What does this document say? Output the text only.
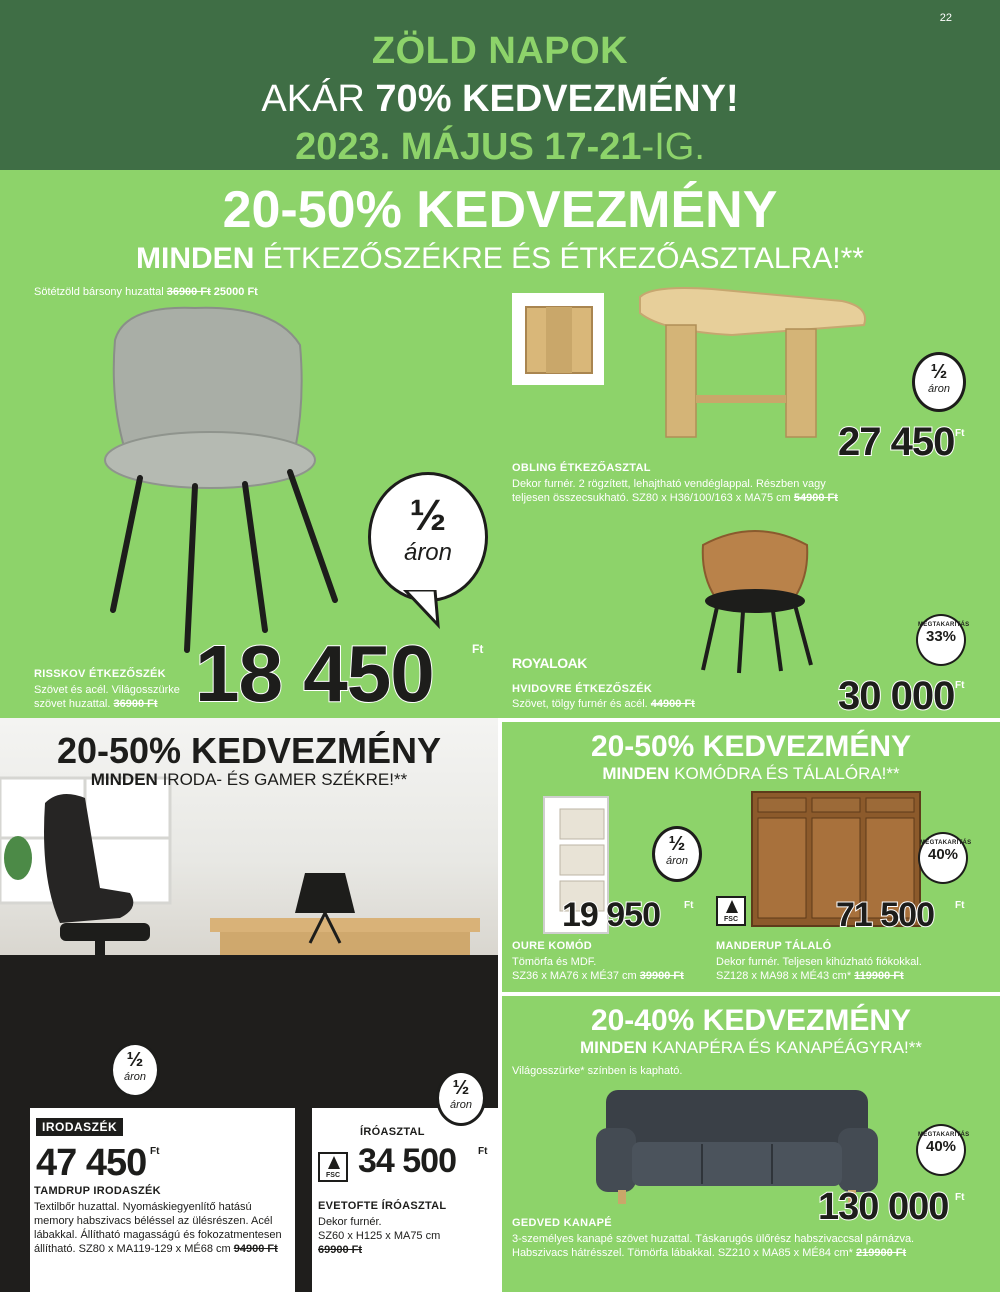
22
ZÖLD NAPOK
AKÁR 70% KEDVEZMÉNY!
2023. MÁJUS 17-21-IG.
20-50% KEDVEZMÉNY
MINDEN ÉTKEZŐSZÉKRE ÉS ÉTKEZŐASZTALRA!**
Sötétzöld bársony huzattal 36900 Ft 25000 Ft
½
áron
18 450	Ft
RISSKOV ÉTKEZŐSZÉK
Szövet és acél. Világosszürke
szövet huzattal. 36900 Ft
½
áron
27 450 Ft
OBLING ÉTKEZŐASZTAL
Dekor furnér. 2 rögzített, lehajtható vendéglappal. Részben vagy
teljesen összecsukható. SZ80 x H36/100/163 x MA75 cm 54900 Ft
ROYALOAK
MEGTAKARÍTÁS
33%
30 000 Ft
HVIDOVRE ÉTKEZŐSZÉK
Szövet, tölgy furnér és acél. 44900 Ft
20-50% KEDVEZMÉNY
MINDEN IRODA- ÉS GAMER SZÉKRE!**
½
áron
IRODASZÉK
47 450 Ft
TAMDRUP IRODASZÉK
Textilbőr huzattal. Nyomáskiegyenlítő hatású
memory habszivacs béléssel az ülésrészen. Acél
lábakkal. Állítható magasságú és fokozatmentesen
állítható. SZ80 x MA119-129 x MÉ68 cm 94900 Ft
½
áron
ÍRÓASZTAL
FSC 34 500 Ft
EVETOFTE ÍRÓASZTAL
Dekor furnér.
SZ60 x H125 x MA75 cm
69900 Ft
20-50% KEDVEZMÉNY
MINDEN KOMÓDRA ÉS TÁLALÓRA!**
½
áron
19 950 Ft
OURE KOMÓD
Tömörfa és MDF.
SZ36 x MA76 x MÉ37 cm 39900 Ft
MEGTAKARÍTÁS
40%
FSC	71 500 Ft
MANDERUP TÁLALÓ
Dekor furnér. Teljesen kihúzható fiókokkal.
SZ128 x MA98 x MÉ43 cm* 119900 Ft
20-40% KEDVEZMÉNY
MINDEN KANAPÉRA ÉS KANAPÉÁGYRA!**
Világosszürke* színben is kapható.
MEGTAKARÍTÁS
40%
130 000 Ft
GEDVED KANAPÉ
3-személyes kanapé szövet huzattal. Táskarugós ülőrész habszivaccsal párnázva.
Habszivacs hátrésszel. Tömörfa lábakkal. SZ210 x MA85 x MÉ84 cm* 219900 Ft
